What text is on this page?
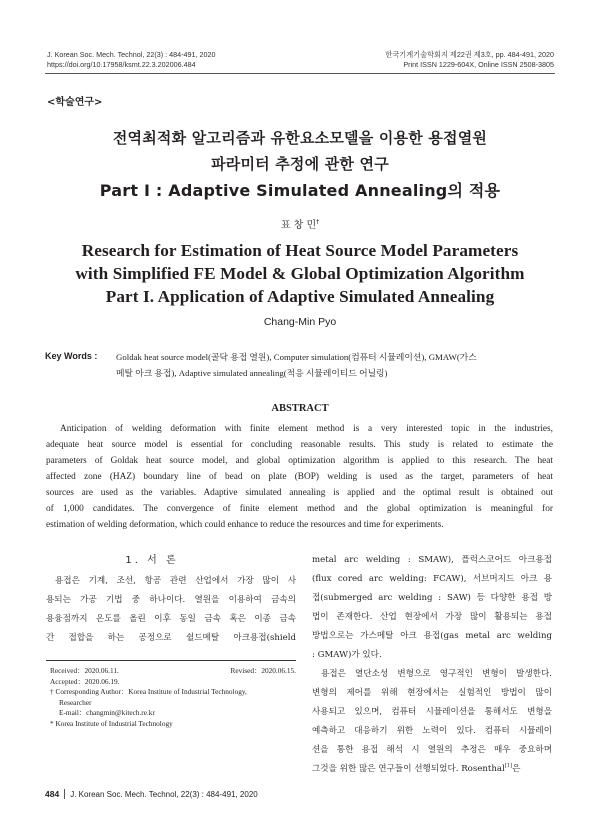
J. Korean Soc. Mech. Technol, 22(3) : 484-491, 2020
https://doi.org/10.17958/ksmt.22.3.202006.484
한국기계기술학회지 제22권 제3호, pp. 484-491, 2020
Print ISSN 1229-604X, Online ISSN 2508-3805
<학술연구>
전역최적화 알고리즘과 유한요소모델을 이용한 용접열원
파라미터 추정에 관한 연구
Part I : Adaptive Simulated Annealing의 적용
표 창 민†
Research for Estimation of Heat Source Model Parameters
with Simplified FE Model & Global Optimization Algorithm
Part I. Application of Adaptive Simulated Annealing
Chang-Min Pyo
Key Words : Goldak heat source model(골닥 용접 열원), Computer simulation(컴퓨터 시뮬레이션), GMAW(가스
메탈 아크 용접), Adaptive simulated annealing(적응 시뮬레이티드 어닐링)
ABSTRACT
Anticipation of welding deformation with finite element method is a very interested topic in the industries,
adequate heat source model is essential for concluding reasonable results. This study is related to estimate the
parameters of Goldak heat source model, and global optimization algorithm is applied to this research. The heat
affected zone (HAZ) boundary line of bead on plate (BOP) welding is used as the target, parameters of heat
sources are used as the variables. Adaptive simulated annealing is applied and the optimal result is obtained out
of 1,000 candidates. The convergence of finite element method and the global optimization is meaningful for
estimation of welding deformation, which could enhance to reduce the resources and time for experiments.
1. 서 론
용접은 기계, 조선, 항공 관련 산업에서 가장 많이 사
용되는 가공 기법 중 하나이다. 열원을 이용하여 금속의
용융점까지 온도를 올린 이후 동일 금속 혹은 이종 금속
간 접합을 하는 공정으로 쉴드메탈 아크용접(shield
Received：2020.06.11.	Revised：2020.06.15.
Accepted：2020.06.19.
† Corresponding Author：Korea Institute of Industrial Technology,
Researcher
E-mail：changmin@kitech.re.kr
* Korea Institute of Industrial Technology
metal arc welding : SMAW), 플럭스코어드 아크용접
(flux cored arc welding: FCAW), 서브머지드 아크 용
접(submerged arc welding : SAW) 등 다양한 용접 방
법이 존재한다. 산업 현장에서 가장 많이 활용되는 용접
방법으로는 가스메탈 아크 용접(gas metal arc welding
: GMAW)가 있다.
용접은 열단소성 변형으로 영구적인 변형이 발생한다.
변형의 제어를 위해 현장에서는 실험적인 방법이 많이
사용되고 있으며, 컴퓨터 시뮬레이션을 통해서도 변형을
예측하고 대응하기 위한 노력이 있다. 컴퓨터 시뮬레이
션을 통한 용접 해석 시 열원의 추정은 매우 중요하며
그것을 위한 많은 연구들이 선행되었다. Rosenthal[1]은
484 J. Korean Soc. Mech. Technol, 22(3) : 484-491, 2020
